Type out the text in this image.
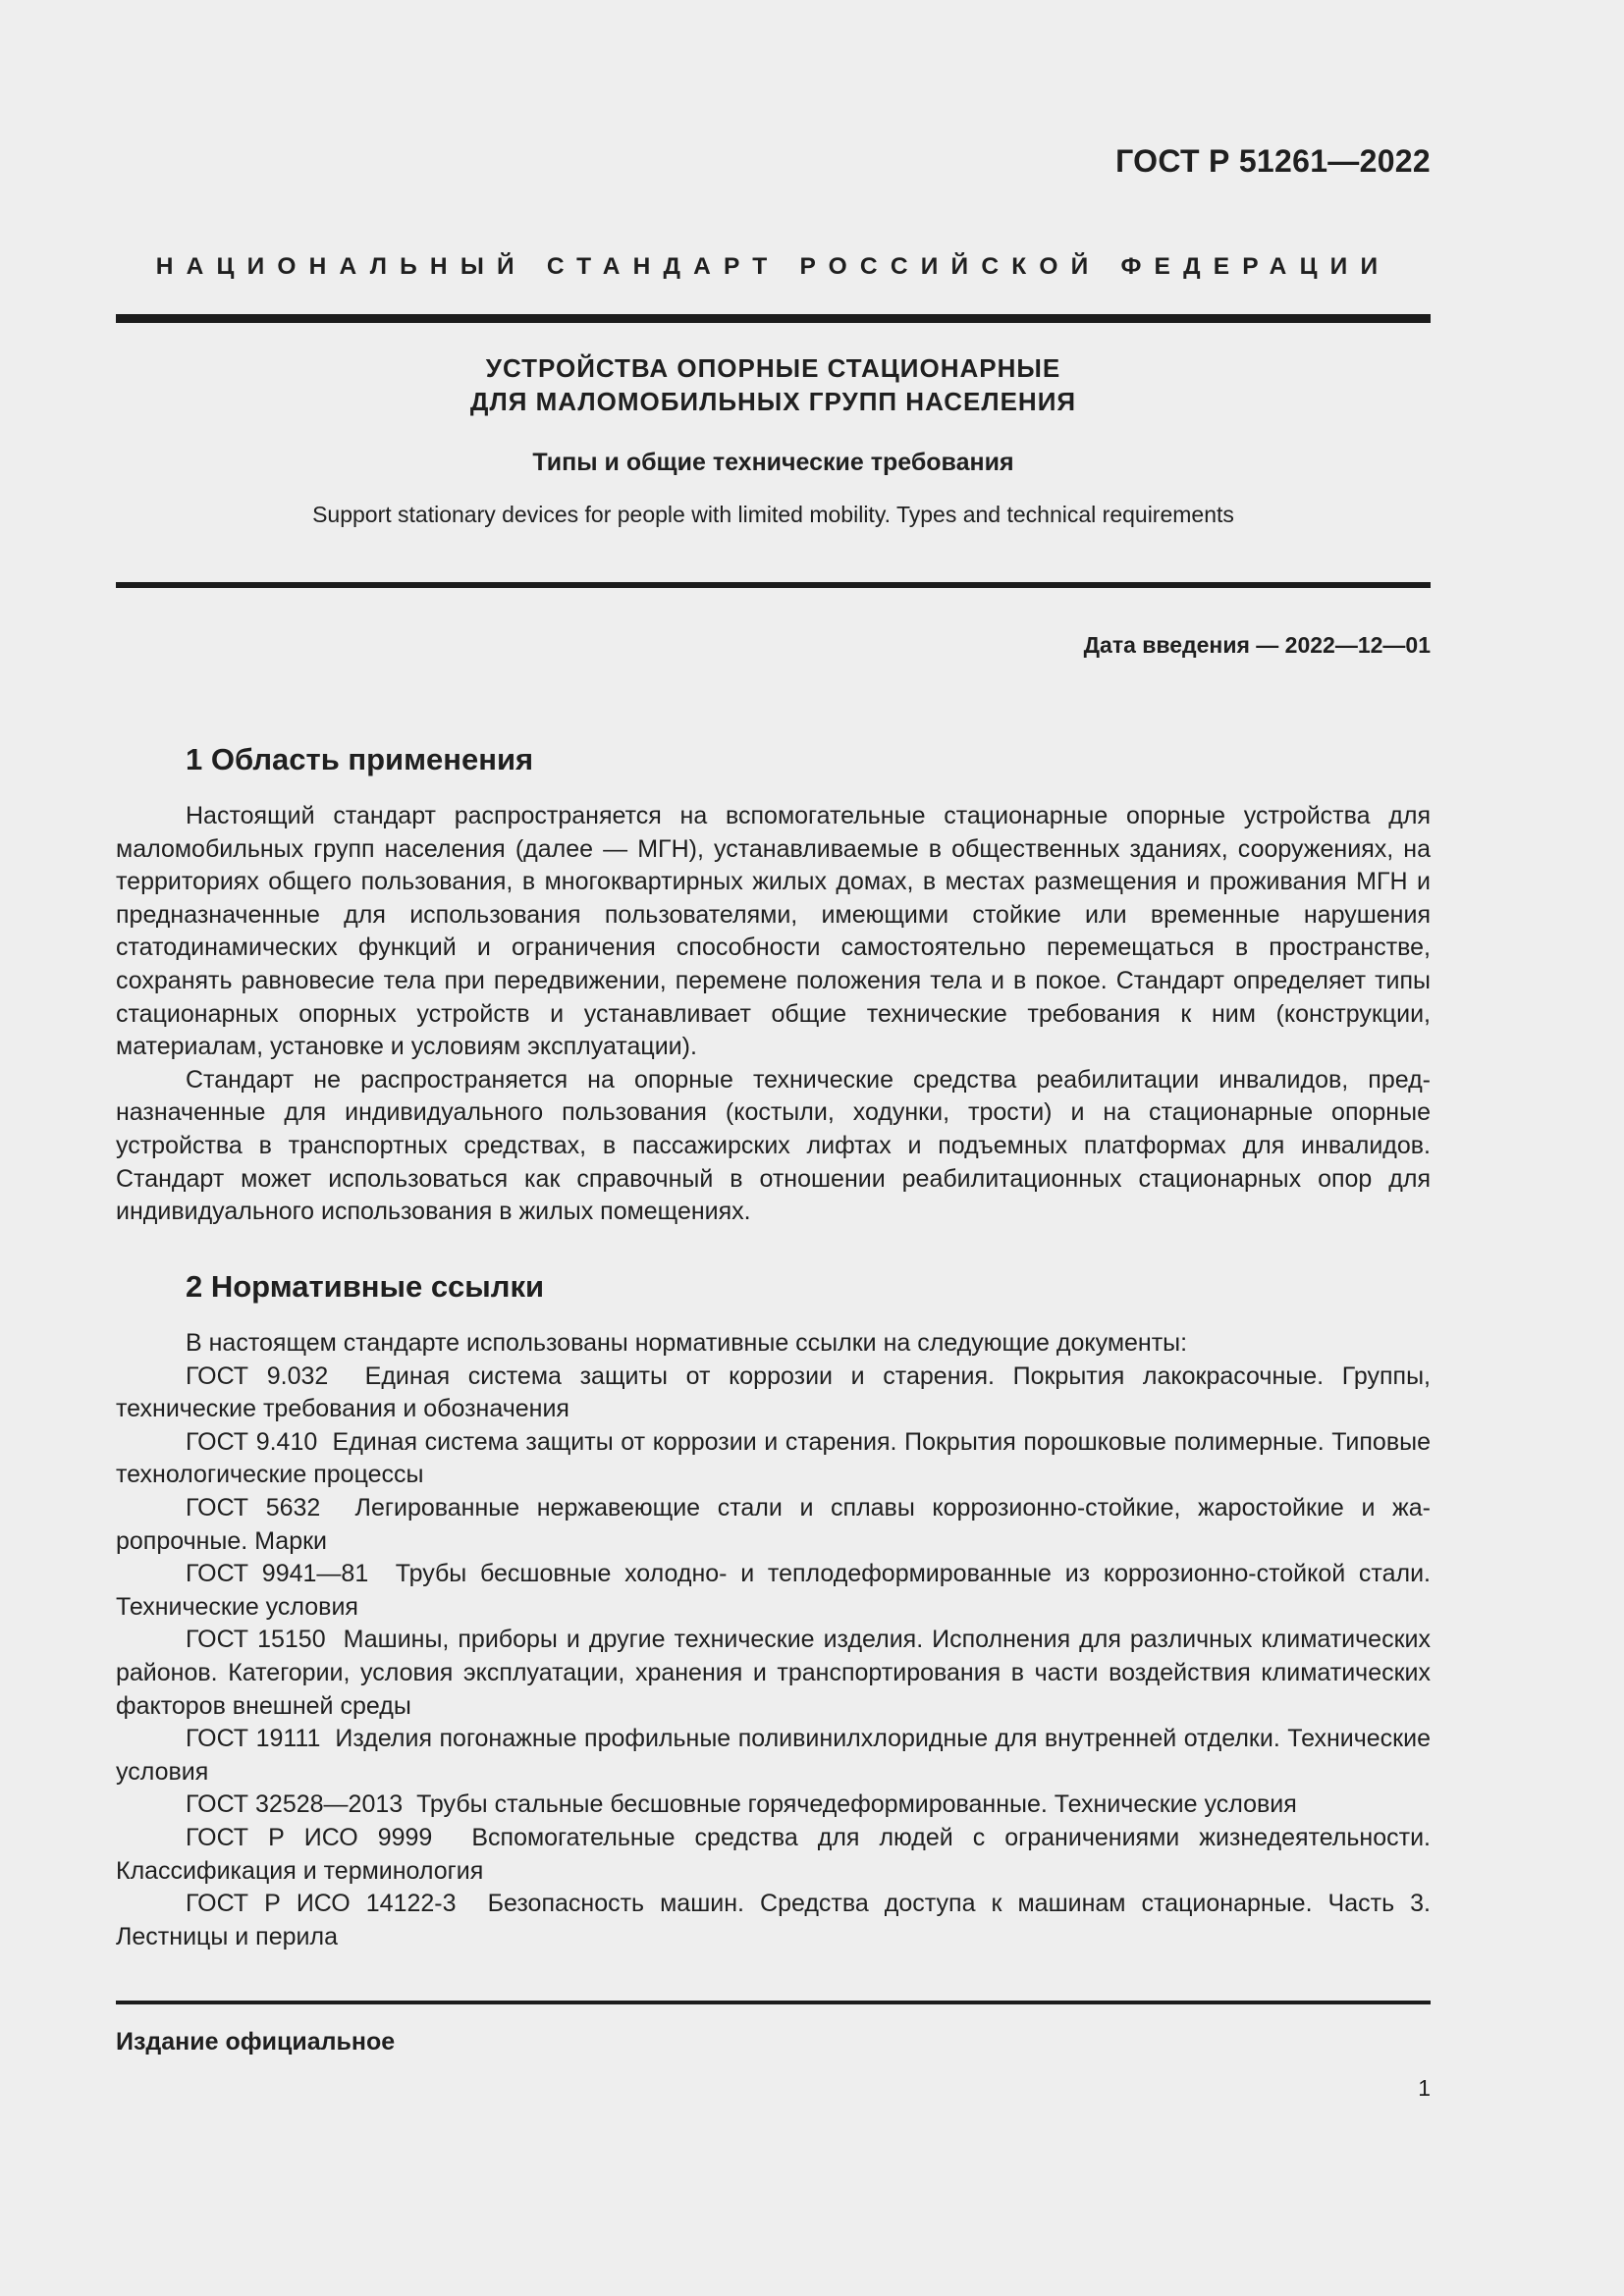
ГОСТ Р 51261—2022
НАЦИОНАЛЬНЫЙ СТАНДАРТ РОССИЙСКОЙ ФЕДЕРАЦИИ
УСТРОЙСТВА ОПОРНЫЕ СТАЦИОНАРНЫЕ
ДЛЯ МАЛОМОБИЛЬНЫХ ГРУПП НАСЕЛЕНИЯ
Типы и общие технические требования
Support stationary devices for people with limited mobility. Types and technical requirements
Дата введения — 2022—12—01
1 Область применения

Настоящий стандарт распространяется на вспомогательные стационарные опорные устройства для маломобильных групп населения (далее — МГН), устанавливаемые в общественных зданиях, сооружениях, на территориях общего пользования, в многоквартирных жилых домах, в местах размещения и проживания МГН и предназначенные для использования пользователями, имеющими стойкие или временные нарушения статодинамических функций и ограничения способности самостоятельно перемещаться в пространстве, сохранять равновесие тела при передвижении, перемене положения тела и в покое. Стандарт определяет типы стационарных опорных устройств и устанавливает общие технические требования к ним (конструкции, материалам, установке и условиям эксплуатации).

Стандарт не распространяется на опорные технические средства реабилитации инвалидов, предназначенные для индивидуального пользования (костыли, ходунки, трости) и на стационарные опорные устройства в транспортных средствах, в пассажирских лифтах и подъемных платформах для инвалидов. Стандарт может использоваться как справочный в отношении реабилитационных стационарных опор для индивидуального использования в жилых помещениях.

2 Нормативные ссылки

В настоящем стандарте использованы нормативные ссылки на следующие документы:

ГОСТ 9.032 Единая система защиты от коррозии и старения. Покрытия лакокрасочные. Группы, технические требования и обозначения

ГОСТ 9.410 Единая система защиты от коррозии и старения. Покрытия порошковые полимерные. Типовые технологические процессы

ГОСТ 5632 Легированные нержавеющие стали и сплавы коррозионно-стойкие, жаростойкие и жаропрочные. Марки

ГОСТ 9941—81 Трубы бесшовные холодно- и теплодеформированные из коррозионно-стойкой стали. Технические условия

ГОСТ 15150 Машины, приборы и другие технические изделия. Исполнения для различных климатических районов. Категории, условия эксплуатации, хранения и транспортирования в части воздействия климатических факторов внешней среды

ГОСТ 19111 Изделия погонажные профильные поливинилхлоридные для внутренней отделки. Технические условия

ГОСТ 32528—2013 Трубы стальные бесшовные горячедеформированные. Технические условия

ГОСТ Р ИСО 9999 Вспомогательные средства для людей с ограничениями жизнедеятельности. Классификация и терминология

ГОСТ Р ИСО 14122-3 Безопасность машин. Средства доступа к машинам стационарные. Часть 3. Лестницы и перила

Издание официальное
1
